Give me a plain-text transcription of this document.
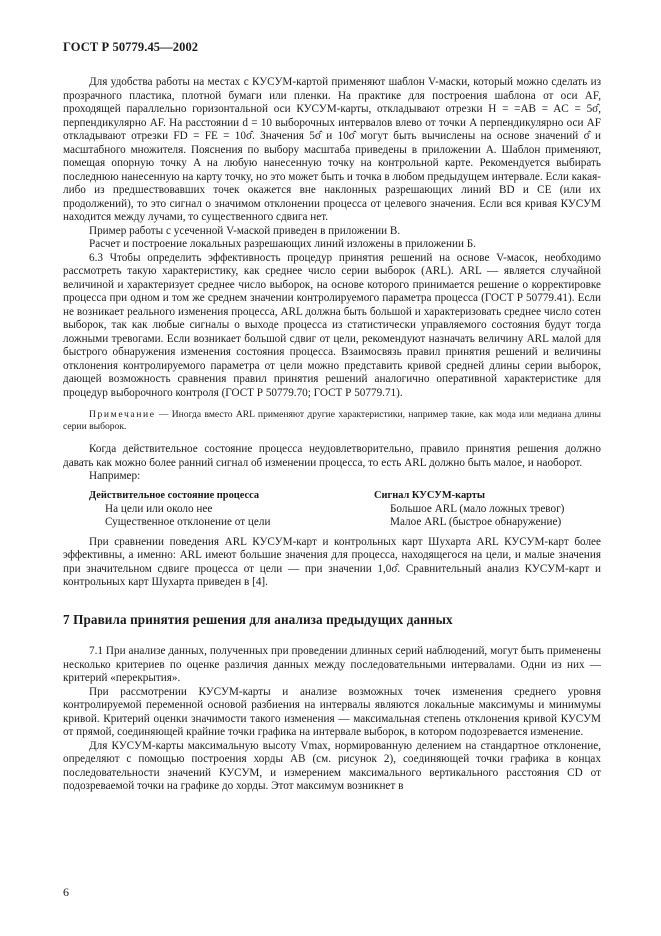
ГОСТ Р 50779.45—2002

Для удобства работы на местах с КУСУМ-картой применяют шаблон V-маски, который можно сделать из прозрачного пластика, плотной бумаги или пленки. На практике для построения шаблона от оси AF, проходящей параллельно горизонтальной оси КУСУМ-карты, откладывают отрезки H = =AB = AC = 5σ̂, перпендикулярно AF. На расстоянии d = 10 выборочных интервалов влево от точки A перпендикулярно оси AF откладывают отрезки FD = FE = 10σ̂. Значения 5σ̂ и 10σ̂ могут быть вычислены на основе значений σ̂ и масштабного множителя. Пояснения по выбору масштаба приведены в приложении А. Шаблон применяют, помещая опорную точку A на любую нанесенную точку на контрольной карте. Рекомендуется выбирать последнюю нанесенную на карту точку, но это может быть и точка в любом предыдущем интервале. Если какая-либо из предшествовавших точек окажется вне наклонных разрешающих линий BD и CE (или их продолжений), то это сигнал о значимом отклонении процесса от целевого значения. Если вся кривая КУСУМ находится между лучами, то существенного сдвига нет.

Пример работы с усеченной V-маской приведен в приложении В.

Расчет и построение локальных разрешающих линий изложены в приложении Б.

6.3 Чтобы определить эффективность процедур принятия решений на основе V-масок, необходимо рассмотреть такую характеристику, как среднее число серии выборок (ARL). ARL — является случайной величиной и характеризует среднее число выборок, на основе которого принимается решение о корректировке процесса при одном и том же среднем значении контролируемого параметра процесса (ГОСТ Р 50779.41). Если не возникает реального изменения процесса, ARL должна быть большой и характеризовать среднее число сотен выборок, так как любые сигналы о выходе процесса из статистически управляемого состояния будут тогда ложными тревогами. Если возникает большой сдвиг от цели, рекомендуют назначать величину ARL малой для быстрого обнаружения изменения состояния процесса. Взаимосвязь правил принятия решений и величины отклонения контролируемого параметра от цели можно представить кривой средней длины серии выборок, дающей возможность сравнения правил принятия решений аналогично оперативной характеристике для процедур выборочного контроля (ГОСТ Р 50779.70; ГОСТ Р 50779.71).

Примечание — Иногда вместо ARL применяют другие характеристики, например такие, как мода или медиана длины серии выборок.

Когда действительное состояние процесса неудовлетворительно, правило принятия решения должно давать как можно более ранний сигнал об изменении процесса, то есть ARL должно быть малое, и наоборот.

Например:

Действительное состояние процесса
На цели или около нее
Существенное отклонение от цели
Сигнал КУСУМ-карты
Большое ARL (мало ложных тревог)
Малое ARL (быстрое обнаружение)

При сравнении поведения ARL КУСУМ-карт и контрольных карт Шухарта ARL КУСУМ-карт более эффективны, а именно: ARL имеют большие значения для процесса, находящегося на цели, и малые значения при значительном сдвиге процесса от цели — при значении 1,0σ̂. Сравнительный анализ КУСУМ-карт и контрольных карт Шухарта приведен в [4].

7 Правила принятия решения для анализа предыдущих данных

7.1 При анализе данных, полученных при проведении длинных серий наблюдений, могут быть применены несколько критериев по оценке различия данных между последовательными интервалами. Одни из них — критерий «перекрытия».

При рассмотрении КУСУМ-карты и анализе возможных точек изменения среднего уровня контролируемой переменной основой разбиения на интервалы являются локальные максимумы и минимумы кривой. Критерий оценки значимости такого изменения — максимальная степень отклонения кривой КУСУМ от прямой, соединяющей крайние точки графика на интервале выборок, в котором подозревается изменение.

Для КУСУМ-карты максимальную высоту Vmax, нормированную делением на стандартное отклонение, определяют с помощью построения хорды AB (см. рисунок 2), соединяющей точки графика в концах последовательности значений КУСУМ, и измерением максимального вертикального расстояния CD от подозреваемой точки на графике до хорды. Этот максимум возникнет в

6
